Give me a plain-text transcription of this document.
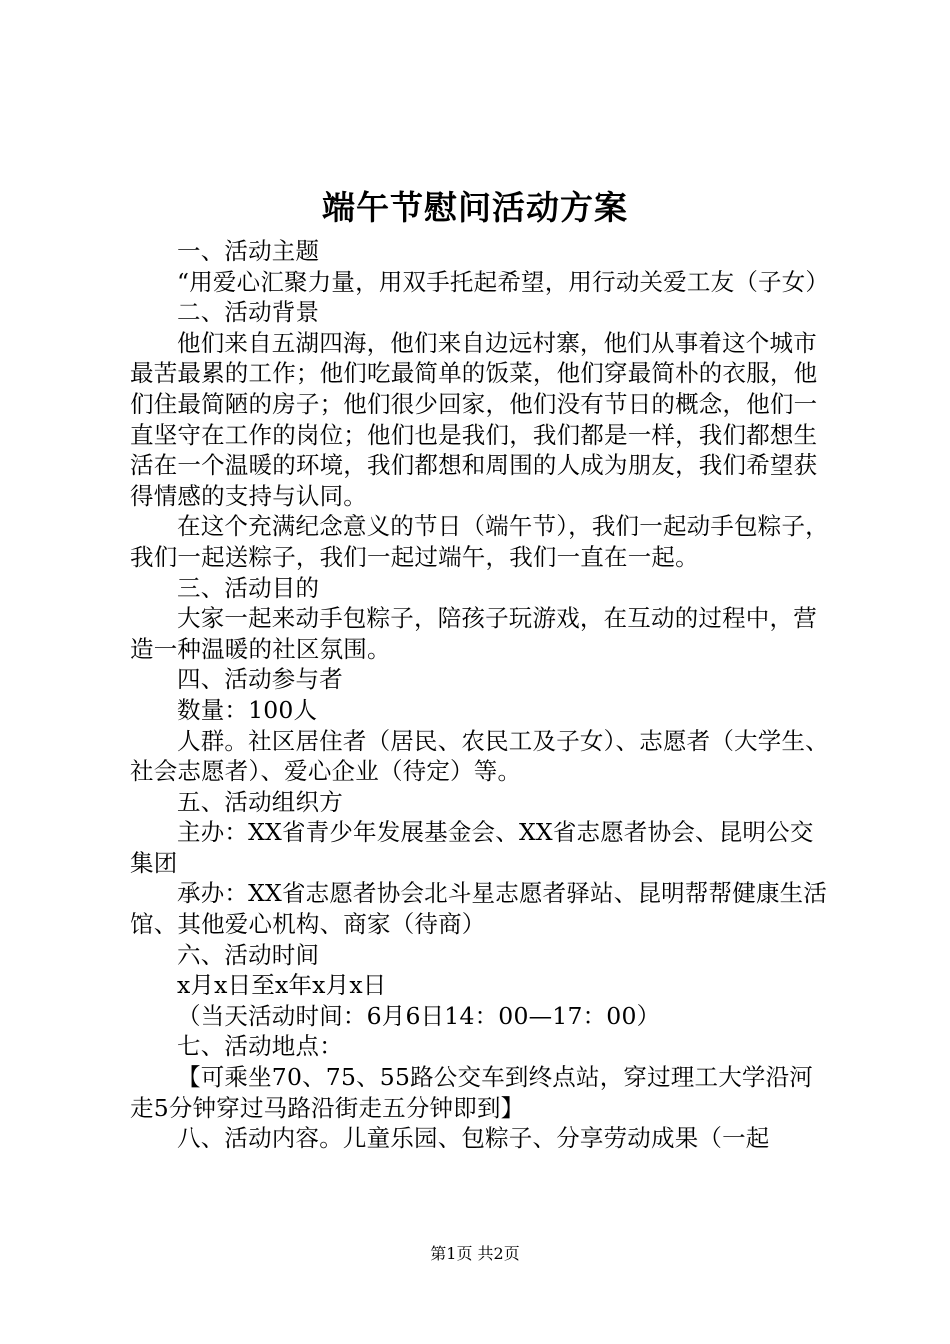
端午节慰问活动方案

一、活动主题

“用爱心汇聚力量，用双手托起希望，用行动关爱工友（子女）

二、活动背景

他们来自五湖四海，他们来自边远村寨，他们从事着这个城市最苦最累的工作；他们吃最简单的饭菜，他们穿最简朴的衣服，他们住最简陋的房子；他们很少回家，他们没有节日的概念，他们一直坚守在工作的岗位；他们也是我们，我们都是一样，我们都想生活在一个温暖的环境，我们都想和周围的人成为朋友，我们希望获得情感的支持与认同。

在这个充满纪念意义的节日（端午节），我们一起动手包粽子，我们一起送粽子，我们一起过端午，我们一直在一起。

三、活动目的

大家一起来动手包粽子，陪孩子玩游戏，在互动的过程中，营造一种温暖的社区氛围。

四、活动参与者

数量：100人

人群。社区居住者（居民、农民工及子女）、志愿者（大学生、社会志愿者）、爱心企业（待定）等。

五、活动组织方

主办：XX省青少年发展基金会、XX省志愿者协会、昆明公交集团

承办：XX省志愿者协会北斗星志愿者驿站、昆明帮帮健康生活馆、其他爱心机构、商家（待商）

六、活动时间

x月x日至x年x月x日

（当天活动时间：6月6日14：00—17：00）

七、活动地点：

【可乘坐70、75、55路公交车到终点站，穿过理工大学沿河走5分钟穿过马路沿街走五分钟即到】

八、活动内容。儿童乐园、包粽子、分享劳动成果（一起

第1页 共2页
